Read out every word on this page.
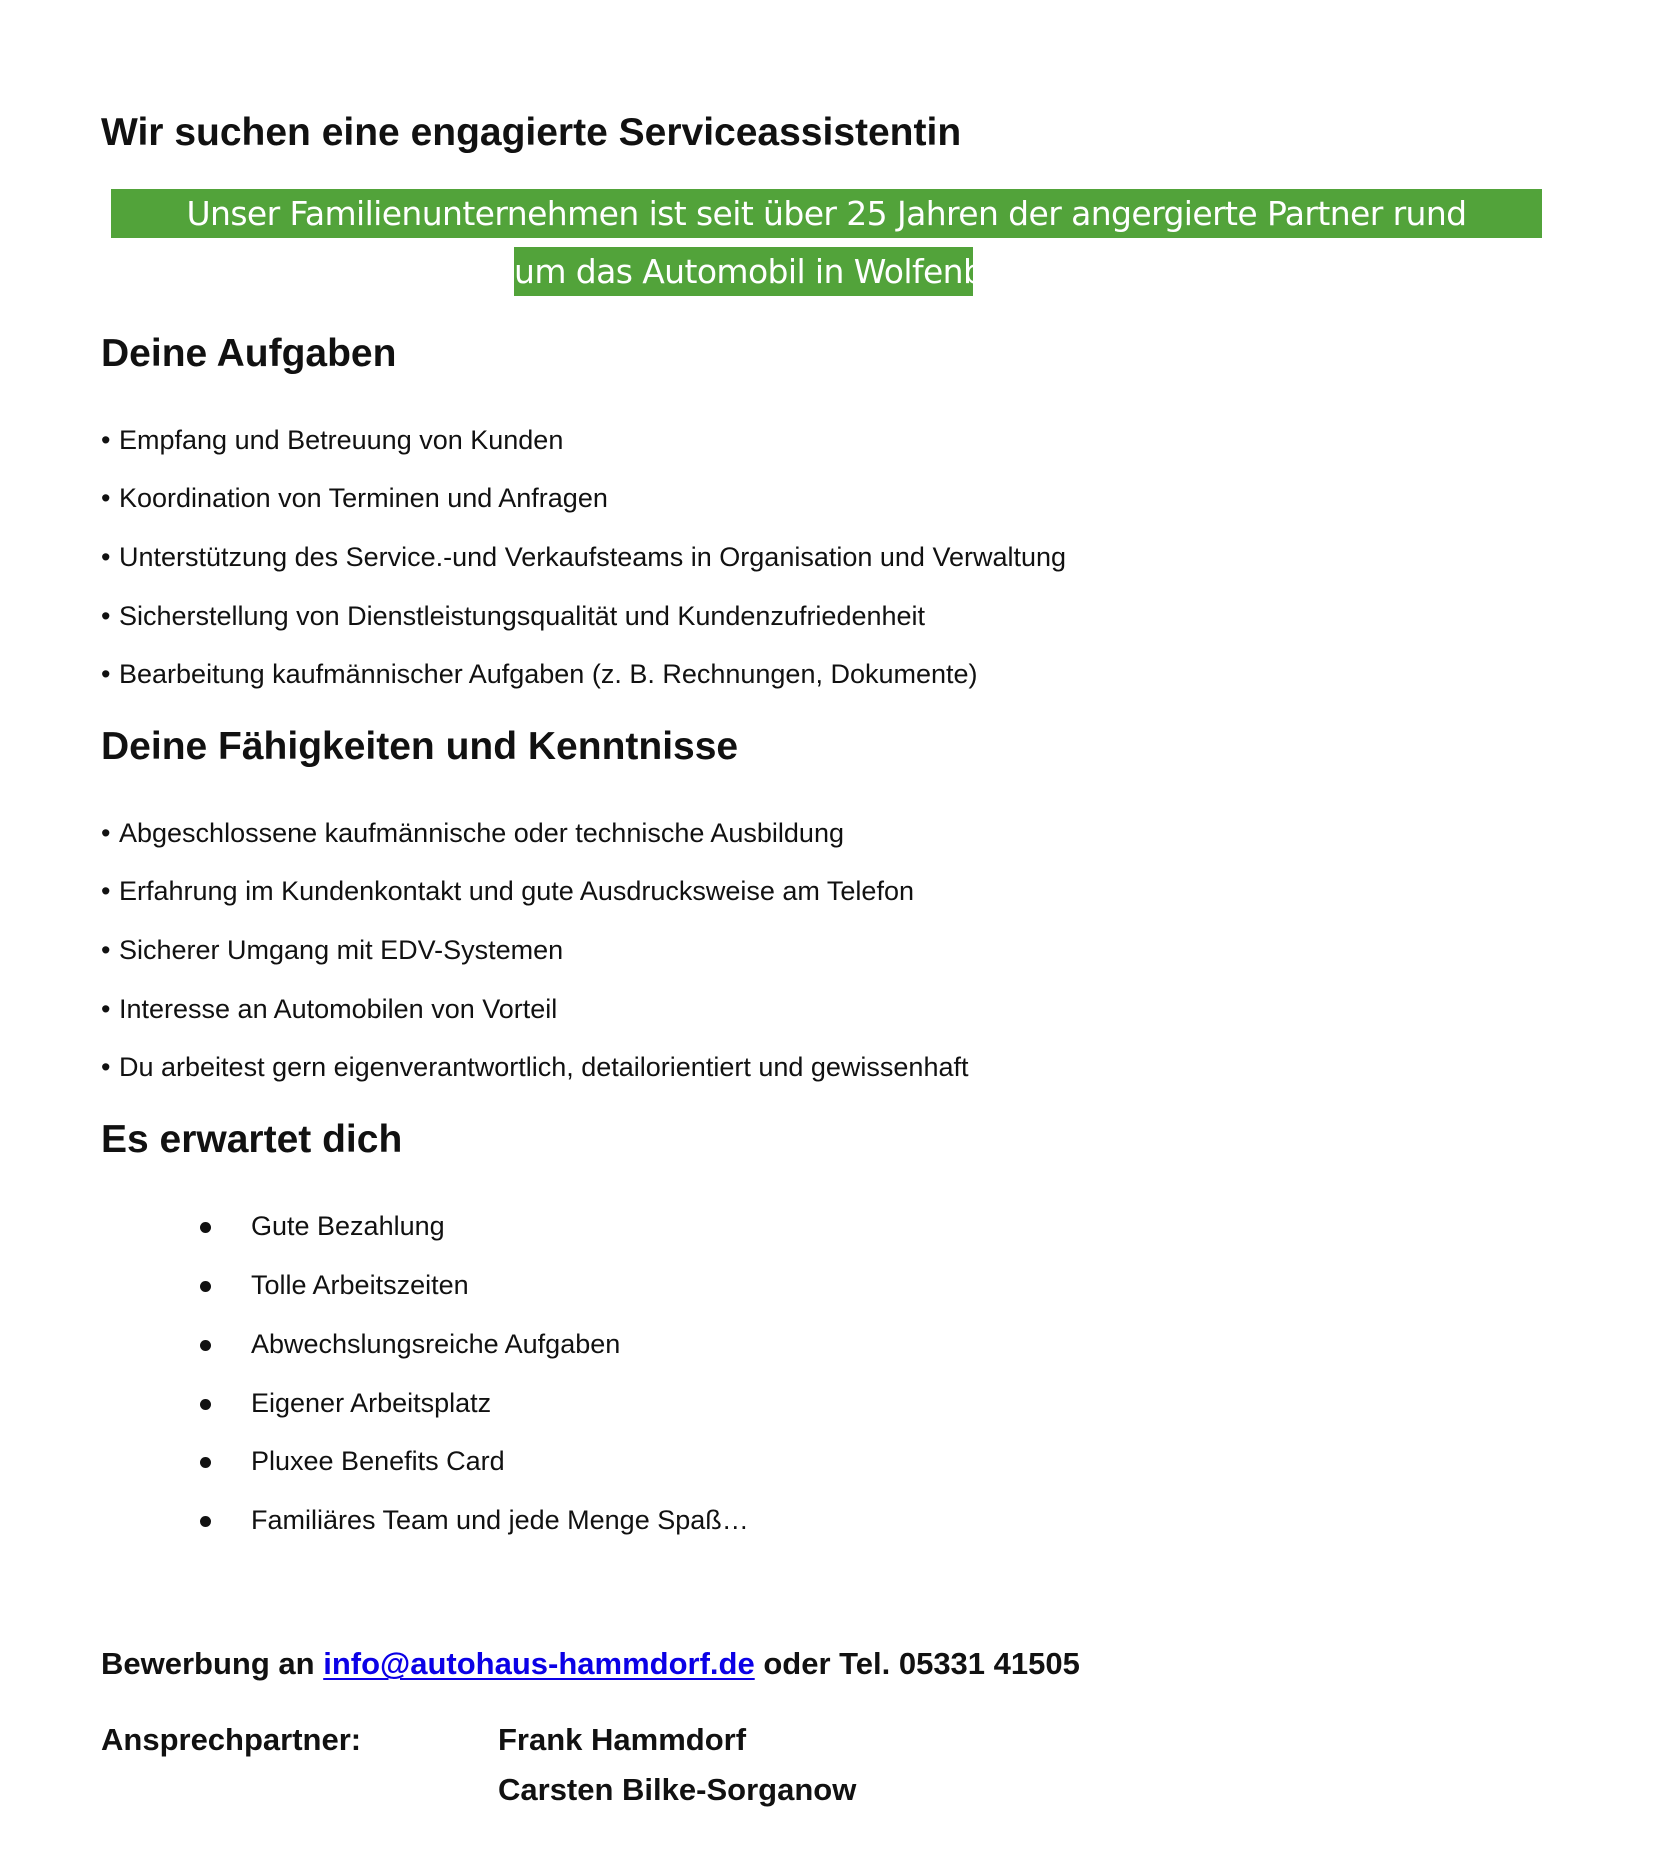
Wir suchen eine engagierte Serviceassistentin
Unser Familienunternehmen ist seit über 25 Jahren der angergierte Partner rund
um das Automobil in Wolfenbüttel.
Deine Aufgaben
• Empfang und Betreuung von Kunden
• Koordination von Terminen und Anfragen
• Unterstützung des Service.-und Verkaufsteams in Organisation und Verwaltung
• Sicherstellung von Dienstleistungsqualität und Kundenzufriedenheit
• Bearbeitung kaufmännischer Aufgaben (z. B. Rechnungen, Dokumente)
Deine Fähigkeiten und Kenntnisse
• Abgeschlossene kaufmännische oder technische Ausbildung
• Erfahrung im Kundenkontakt und gute Ausdrucksweise am Telefon
• Sicherer Umgang mit EDV-Systemen
• Interesse an Automobilen von Vorteil
• Du arbeitest gern eigenverantwortlich, detailorientiert und gewissenhaft
Es erwartet dich
Gute Bezahlung
Tolle Arbeitszeiten
Abwechslungsreiche Aufgaben
Eigener Arbeitsplatz
Pluxee Benefits Card
Familiäres Team und jede Menge Spaß…
Bewerbung an info@autohaus-hammdorf.de oder Tel. 05331 41505
Ansprechpartner:	Frank Hammdorf
Carsten Bilke-Sorganow
